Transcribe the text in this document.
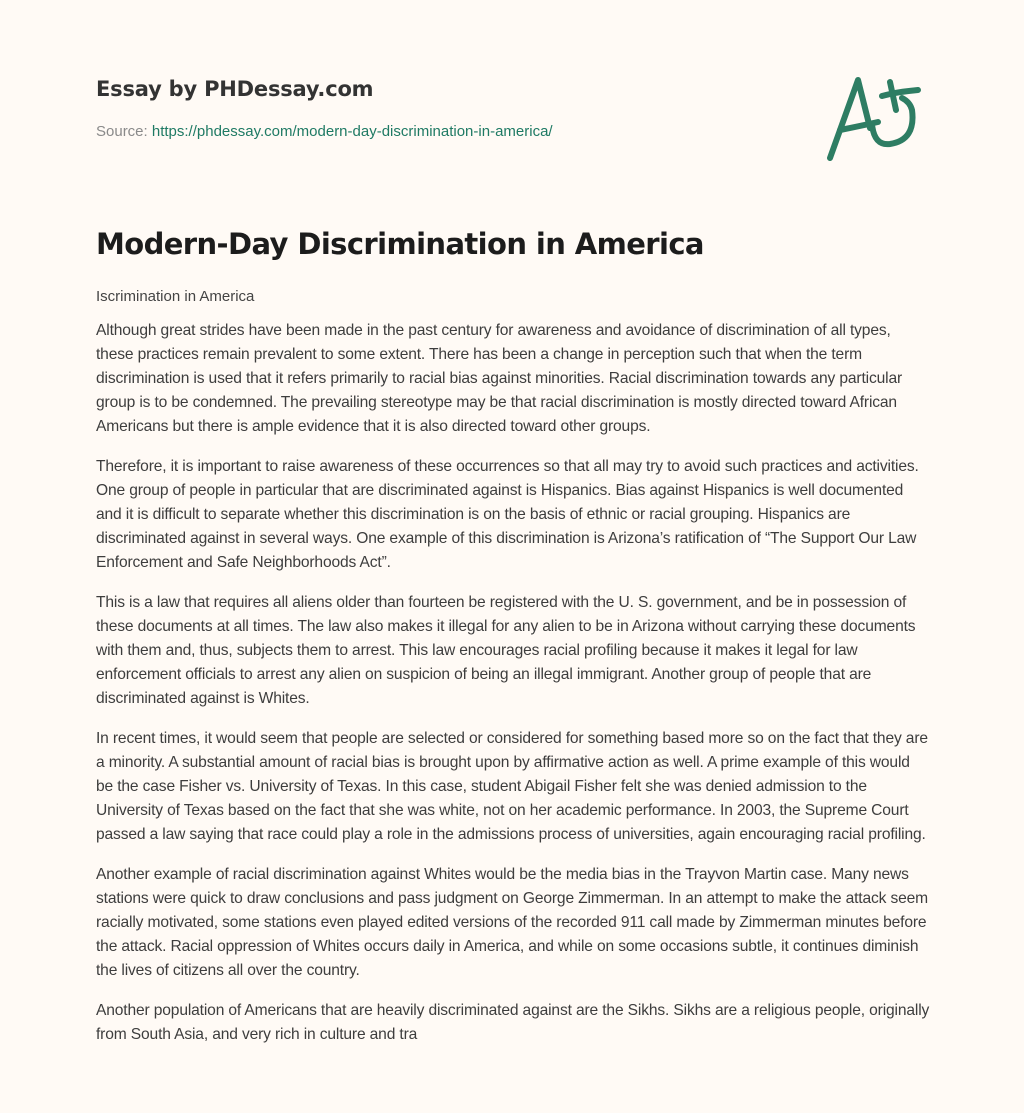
Essay by PHDessay.com
Source: https://phdessay.com/modern-day-discrimination-in-america/
Modern-Day Discrimination in America

Iscrimination in America

Although great strides have been made in the past century for awareness and avoidance of discrimination of all types, these practices remain prevalent to some extent. There has been a change in perception such that when the term discrimination is used that it refers primarily to racial bias against minorities. Racial discrimination towards any particular group is to be condemned. The prevailing stereotype may be that racial discrimination is mostly directed toward African Americans but there is ample evidence that it is also directed toward other groups.

Therefore, it is important to raise awareness of these occurrences so that all may try to avoid such practices and activities. One group of people in particular that are discriminated against is Hispanics. Bias against Hispanics is well documented and it is difficult to separate whether this discrimination is on the basis of ethnic or racial grouping. Hispanics are discriminated against in several ways. One example of this discrimination is Arizona’s ratification of “The Support Our Law Enforcement and Safe Neighborhoods Act”.

This is a law that requires all aliens older than fourteen be registered with the U. S. government, and be in possession of these documents at all times. The law also makes it illegal for any alien to be in Arizona without carrying these documents with them and, thus, subjects them to arrest. This law encourages racial profiling because it makes it legal for law enforcement officials to arrest any alien on suspicion of being an illegal immigrant. Another group of people that are discriminated against is Whites.

In recent times, it would seem that people are selected or considered for something based more so on the fact that they are a minority. A substantial amount of racial bias is brought upon by affirmative action as well. A prime example of this would be the case Fisher vs. University of Texas. In this case, student Abigail Fisher felt she was denied admission to the University of Texas based on the fact that she was white, not on her academic performance. In 2003, the Supreme Court passed a law saying that race could play a role in the admissions process of universities, again encouraging racial profiling.

Another example of racial discrimination against Whites would be the media bias in the Trayvon Martin case. Many news stations were quick to draw conclusions and pass judgment on George Zimmerman. In an attempt to make the attack seem racially motivated, some stations even played edited versions of the recorded 911 call made by Zimmerman minutes before the attack. Racial oppression of Whites occurs daily in America, and while on some occasions subtle, it continues diminish the lives of citizens all over the country.

Another population of Americans that are heavily discriminated against are the Sikhs. Sikhs are a religious people, originally from South Asia, and very rich in culture and tra
